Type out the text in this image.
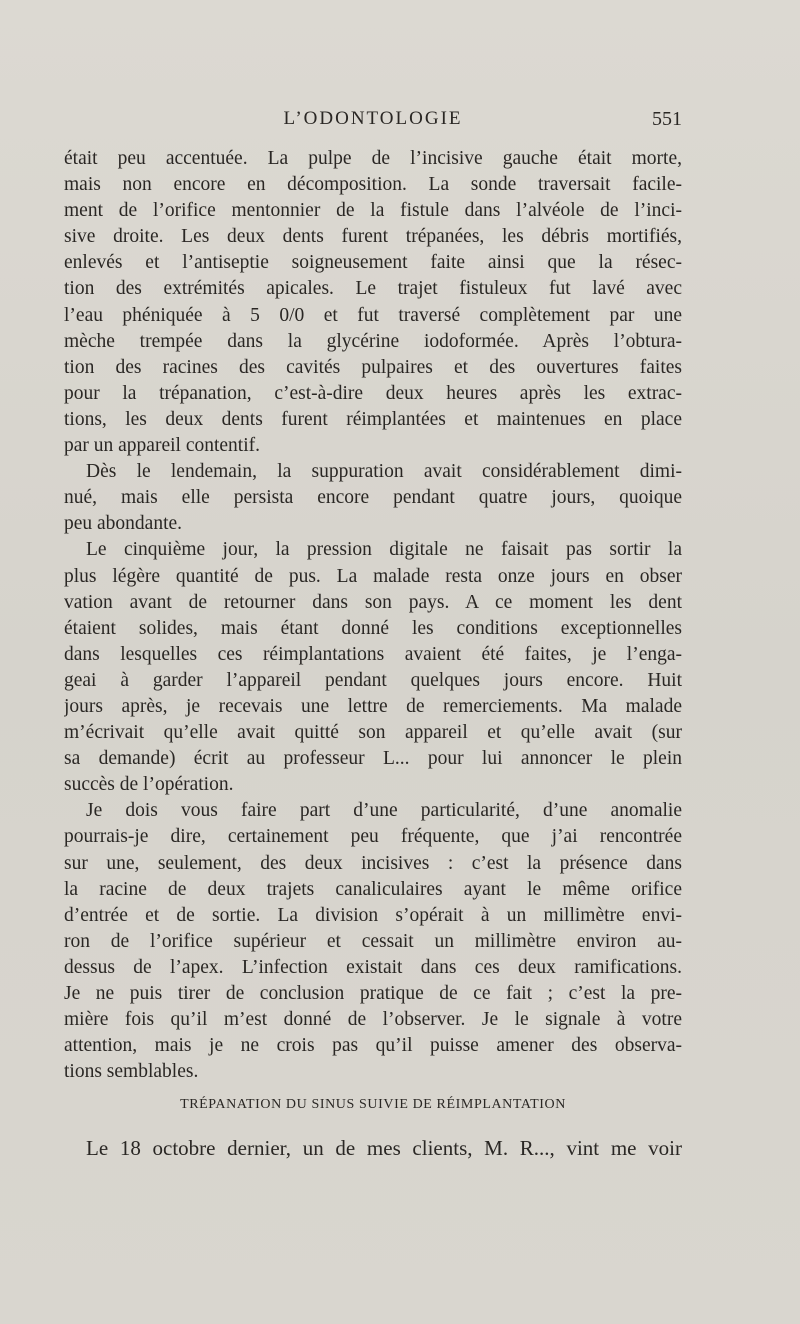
L’ODONTOLOGIE	551
était peu accentuée. La pulpe de l’incisive gauche était morte,
mais non encore en décomposition. La sonde traversait facile-
ment de l’orifice mentonnier de la fistule dans l’alvéole de l’inci-
sive droite. Les deux dents furent trépanées, les débris mortifiés,
enlevés et l’antiseptie soigneusement faite ainsi que la résec-
tion des extrémités apicales. Le trajet fistuleux fut lavé avec
l’eau phéniquée à 5 0/0 et fut traversé complètement par une
mèche trempée dans la glycérine iodoformée. Après l’obtura-
tion des racines des cavités pulpaires et des ouvertures faites
pour la trépanation, c’est-à-dire deux heures après les extrac-
tions, les deux dents furent réimplantées et maintenues en place
par un appareil contentif.
Dès le lendemain, la suppuration avait considérablement dimi-
nué, mais elle persista encore pendant quatre jours, quoique
peu abondante.
Le cinquième jour, la pression digitale ne faisait pas sortir la
plus légère quantité de pus. La malade resta onze jours en obser
vation avant de retourner dans son pays. A ce moment les dent
étaient solides, mais étant donné les conditions exceptionnelles
dans lesquelles ces réimplantations avaient été faites, je l’enga-
geai à garder l’appareil pendant quelques jours encore. Huit
jours après, je recevais une lettre de remerciements. Ma malade
m’écrivait qu’elle avait quitté son appareil et qu’elle avait (sur
sa demande) écrit au professeur L... pour lui annoncer le plein
succès de l’opération.
Je dois vous faire part d’une particularité, d’une anomalie
pourrais-je dire, certainement peu fréquente, que j’ai rencontrée
sur une, seulement, des deux incisives : c’est la présence dans
la racine de deux trajets canaliculaires ayant le même orifice
d’entrée et de sortie. La division s’opérait à un millimètre envi-
ron de l’orifice supérieur et cessait un millimètre environ au-
dessus de l’apex. L’infection existait dans ces deux ramifications.
Je ne puis tirer de conclusion pratique de ce fait ; c’est la pre-
mière fois qu’il m’est donné de l’observer. Je le signale à votre
attention, mais je ne crois pas qu’il puisse amener des observa-
tions semblables.
TRÉPANATION DU SINUS SUIVIE DE RÉIMPLANTATION
Le 18 octobre dernier, un de mes clients, M. R..., vint me voir
